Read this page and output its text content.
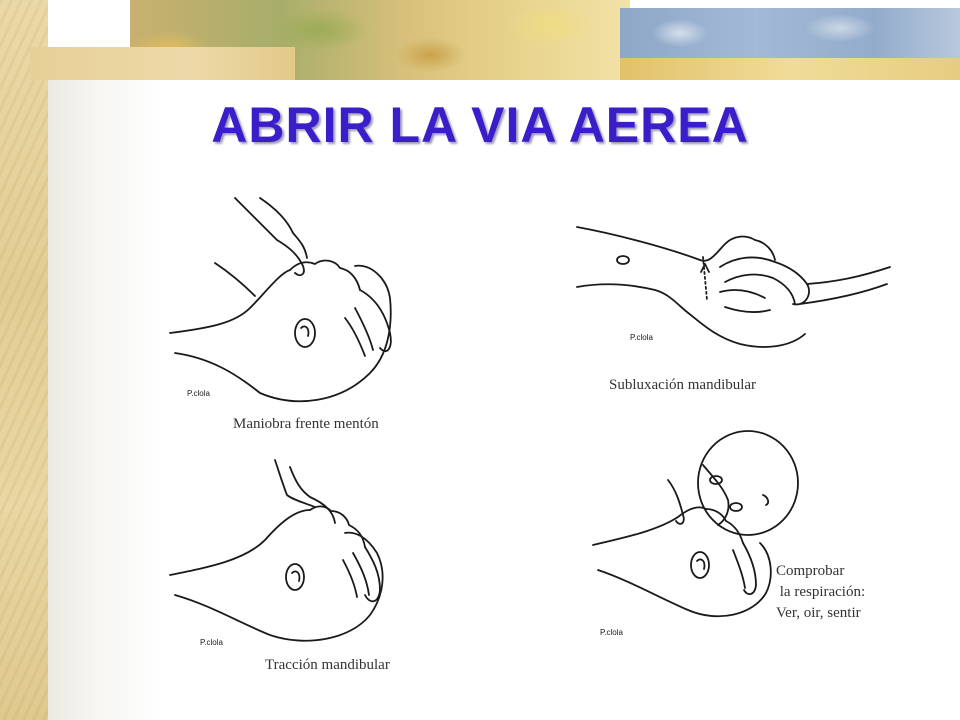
ABRIR LA VIA AEREA
P.clola
Maniobra frente mentón
P.clola
Subluxación mandibular
P.clola
Tracción mandibular
P.clola
Comprobar
la respiración:
Ver, oir, sentir
